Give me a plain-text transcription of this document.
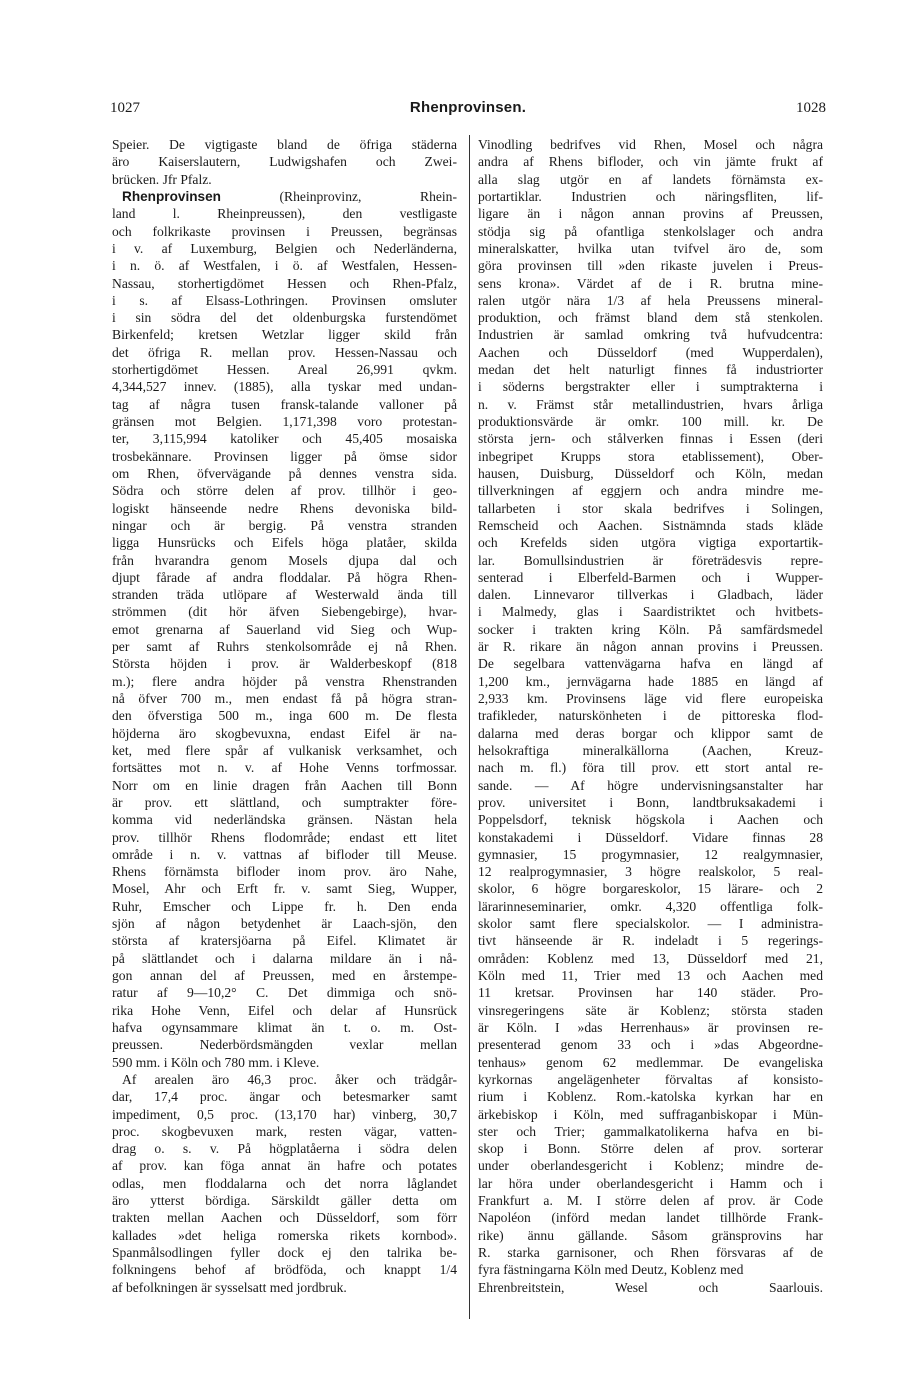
1027	Rhenprovinsen.	1028
Speier. De vigtigaste bland de öfriga städerna
äro Kaiserslautern, Ludwigshafen och Zwei-
brücken. Jfr Pfalz.
Rhenprovinsen (Rheinprovinz, Rhein-
land l. Rheinpreussen), den vestligaste
och folkrikaste provinsen i Preussen, begränsas
i v. af Luxemburg, Belgien och Nederländerna,
i n. ö. af Westfalen, i ö. af Westfalen, Hessen-
Nassau, storhertigdömet Hessen och Rhen-Pfalz,
i s. af Elsass-Lothringen. Provinsen omsluter
i sin södra del det oldenburgska furstendömet
Birkenfeld; kretsen Wetzlar ligger skild från
det öfriga R. mellan prov. Hessen-Nassau och
storhertigdömet Hessen. Areal 26,991 qvkm.
4,344,527 innev. (1885), alla tyskar med undan-
tag af några tusen fransk-talande valloner på
gränsen mot Belgien. 1,171,398 voro protestan-
ter, 3,115,994 katoliker och 45,405 mosaiska
trosbekännare. Provinsen ligger på ömse sidor
om Rhen, öfvervägande på dennes venstra sida.
Södra och större delen af prov. tillhör i geo-
logiskt hänseende nedre Rhens devoniska bild-
ningar och är bergig. På venstra stranden
ligga Hunsrücks och Eifels höga platåer, skilda
från hvarandra genom Mosels djupa dal och
djupt fårade af andra floddalar. På högra Rhen-
stranden träda utlöpare af Westerwald ända till
strömmen (dit hör äfven Siebengebirge), hvar-
emot grenarna af Sauerland vid Sieg och Wup-
per samt af Ruhrs stenkolsområde ej nå Rhen.
Största höjden i prov. är Walderbeskopf (818
m.); flere andra höjder på venstra Rhenstranden
nå öfver 700 m., men endast få på högra stran-
den öfverstiga 500 m., inga 600 m. De flesta
höjderna äro skogbevuxna, endast Eifel är na-
ket, med flere spår af vulkanisk verksamhet, och
fortsättes mot n. v. af Hohe Venns torfmossar.
Norr om en linie dragen från Aachen till Bonn
är prov. ett slättland, och sumptrakter före-
komma vid nederländska gränsen. Nästan hela
prov. tillhör Rhens flodområde; endast ett litet
område i n. v. vattnas af bifloder till Meuse.
Rhens förnämsta bifloder inom prov. äro Nahe,
Mosel, Ahr och Erft fr. v. samt Sieg, Wupper,
Ruhr, Emscher och Lippe fr. h. Den enda
sjön af någon betydenhet är Laach-sjön, den
största af kratersjöarna på Eifel. Klimatet är
på slättlandet och i dalarna mildare än i nå-
gon annan del af Preussen, med en årstempe-
ratur af 9—10,2° C. Det dimmiga och snö-
rika Hohe Venn, Eifel och delar af Hunsrück
hafva ogynsammare klimat än t. o. m. Ost-
preussen. Nederbördsmängden vexlar mellan
590 mm. i Köln och 780 mm. i Kleve.
Af arealen äro 46,3 proc. åker och trädgår-
dar, 17,4 proc. ängar och betesmarker samt
impediment, 0,5 proc. (13,170 har) vinberg, 30,7
proc. skogbevuxen mark, resten vägar, vatten-
drag o. s. v. På högplatåerna i södra delen
af prov. kan föga annat än hafre och potates
odlas, men floddalarna och det norra låglandet
äro ytterst bördiga. Särskildt gäller detta om
trakten mellan Aachen och Düsseldorf, som förr
kallades »det heliga romerska rikets kornbod».
Spanmålsodlingen fyller dock ej den talrika be-
folkningens behof af brödföda, och knappt 1/4
af befolkningen är sysselsatt med jordbruk.
Vinodling bedrifves vid Rhen, Mosel och några
andra af Rhens bifloder, och vin jämte frukt af
alla slag utgör en af landets förnämsta ex-
portartiklar. Industrien och näringsfliten, lif-
ligare än i någon annan provins af Preussen,
stödja sig på ofantliga stenkolslager och andra
mineralskatter, hvilka utan tvifvel äro de, som
göra provinsen till »den rikaste juvelen i Preus-
sens krona». Värdet af de i R. brutna mine-
ralen utgör nära 1/3 af hela Preussens mineral-
produktion, och främst bland dem stå stenkolen.
Industrien är samlad omkring två hufvudcentra:
Aachen och Düsseldorf (med Wupperdalen),
medan det helt naturligt finnes få industriorter
i söderns bergstrakter eller i sumptrakterna i
n. v. Främst står metallindustrien, hvars årliga
produktionsvärde är omkr. 100 mill. kr. De
största jern- och stålverken finnas i Essen (deri
inbegripet Krupps stora etablissement), Ober-
hausen, Duisburg, Düsseldorf och Köln, medan
tillverkningen af eggjern och andra mindre me-
tallarbeten i stor skala bedrifves i Solingen,
Remscheid och Aachen. Sistnämnda stads kläde
och Krefelds siden utgöra vigtiga exportartik-
lar. Bomullsindustrien är företrädesvis repre-
senterad i Elberfeld-Barmen och i Wupper-
dalen. Linnevaror tillverkas i Gladbach, läder
i Malmedy, glas i Saardistriktet och hvitbets-
socker i trakten kring Köln. På samfärdsmedel
är R. rikare än någon annan provins i Preussen.
De segelbara vattenvägarna hafva en längd af
1,200 km., jernvägarna hade 1885 en längd af
2,933 km. Provinsens läge vid flere europeiska
trafikleder, naturskönheten i de pittoreska flod-
dalarna med deras borgar och klippor samt de
helsokraftiga mineralkällorna (Aachen, Kreuz-
nach m. fl.) föra till prov. ett stort antal re-
sande. — Af högre undervisningsanstalter har
prov. universitet i Bonn, landtbruksakademi i
Poppelsdorf, teknisk högskola i Aachen och
konstakademi i Düsseldorf. Vidare finnas 28
gymnasier, 15 progymnasier, 12 realgymnasier,
12 realprogymnasier, 3 högre realskolor, 5 real-
skolor, 6 högre borgareskolor, 15 lärare- och 2
lärarinneseminarier, omkr. 4,320 offentliga folk-
skolor samt flere specialskolor. — I administra-
tivt hänseende är R. indeladt i 5 regerings-
områden: Koblenz med 13, Düsseldorf med 21,
Köln med 11, Trier med 13 och Aachen med
11 kretsar. Provinsen har 140 städer. Pro-
vinsregeringens säte är Koblenz; största staden
är Köln. I »das Herrenhaus» är provinsen re-
presenterad genom 33 och i »das Abgeordne-
tenhaus» genom 62 medlemmar. De evangeliska
kyrkornas angelägenheter förvaltas af konsisto-
rium i Koblenz. Rom.-katolska kyrkan har en
ärkebiskop i Köln, med suffraganbiskopar i Mün-
ster och Trier; gammalkatolikerna hafva en bi-
skop i Bonn. Större delen af prov. sorterar
under oberlandesgericht i Koblenz; mindre de-
lar höra under oberlandesgericht i Hamm och i
Frankfurt a. M. I större delen af prov. är Code
Napoléon (införd medan landet tillhörde Frank-
rike) ännu gällande. Såsom gränsprovins har
R. starka garnisoner, och Rhen försvaras af de
fyra fästningarna Köln med Deutz, Koblenz med
Ehrenbreitstein, Wesel och Saarlouis.
